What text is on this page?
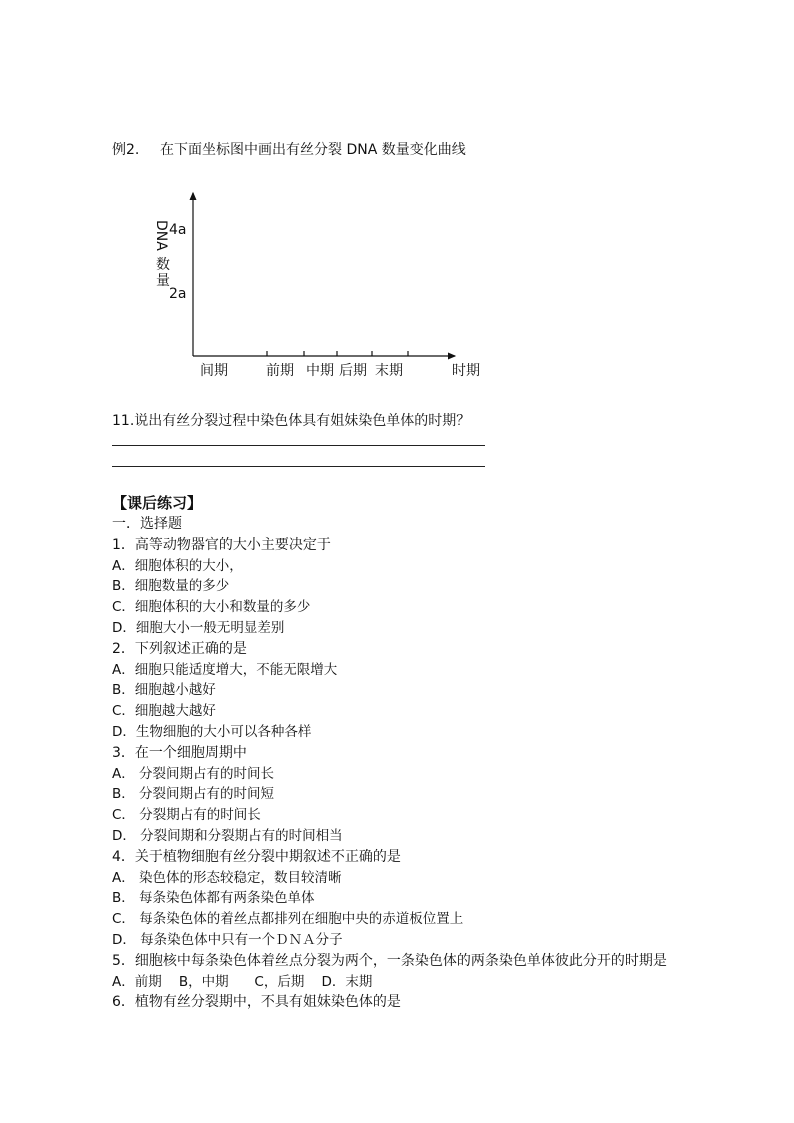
例2. 在下面坐标图中画出有丝分裂 DNA 数量变化曲线
DNA
数
量
4a
2a
间期	前期 中期 后期 末期	时期
11.说出有丝分裂过程中染色体具有姐妹染色单体的时期？
【课后练习】
一．选择题
1．高等动物器官的大小主要决定于
A．细胞体积的大小，
B．细胞数量的多少
C．细胞体积的大小和数量的多少
D．细胞大小一般无明显差别
2．下列叙述正确的是
A．细胞只能适度增大，不能无限增大
B．细胞越小越好
C．细胞越大越好
D．生物细胞的大小可以各种各样
3．在一个细胞周期中
A． 分裂间期占有的时间长
B． 分裂间期占有的时间短
C． 分裂期占有的时间长
D． 分裂间期和分裂期占有的时间相当
4．关于植物细胞有丝分裂中期叙述不正确的是
A． 染色体的形态较稳定，数目较清晰
B． 每条染色体都有两条染色单体
C． 每条染色体的着丝点都排列在细胞中央的赤道板位置上
D． 每条染色体中只有一个ＤＮＡ分子
5．细胞核中每条染色体着丝点分裂为两个，一条染色体的两条染色单体彼此分开的时期是
A．前期    B，中期      C，后期    D．末期
6．植物有丝分裂期中，不具有姐妹染色体的是
